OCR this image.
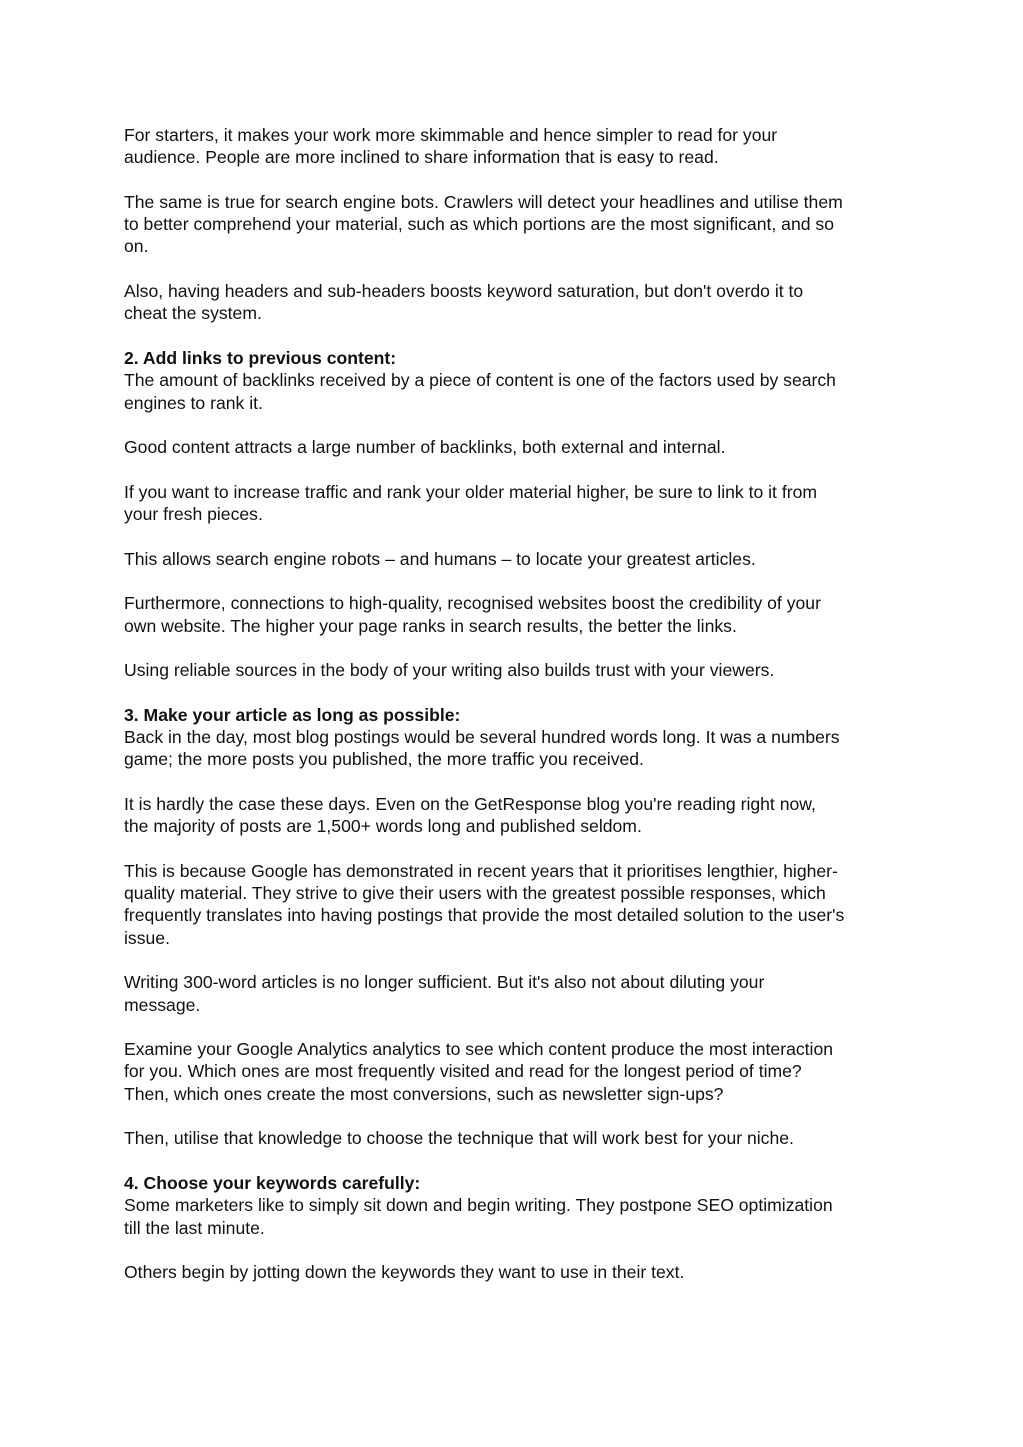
For starters, it makes your work more skimmable and hence simpler to read for your
audience. People are more inclined to share information that is easy to read.

The same is true for search engine bots. Crawlers will detect your headlines and utilise them
to better comprehend your material, such as which portions are the most significant, and so
on.

Also, having headers and sub-headers boosts keyword saturation, but don't overdo it to
cheat the system.

2. Add links to previous content:

The amount of backlinks received by a piece of content is one of the factors used by search
engines to rank it.

Good content attracts a large number of backlinks, both external and internal.

If you want to increase traffic and rank your older material higher, be sure to link to it from
your fresh pieces.

This allows search engine robots – and humans – to locate your greatest articles.

Furthermore, connections to high-quality, recognised websites boost the credibility of your
own website. The higher your page ranks in search results, the better the links.

Using reliable sources in the body of your writing also builds trust with your viewers.

3. Make your article as long as possible:

Back in the day, most blog postings would be several hundred words long. It was a numbers
game; the more posts you published, the more traffic you received.

It is hardly the case these days. Even on the GetResponse blog you're reading right now,
the majority of posts are 1,500+ words long and published seldom.

This is because Google has demonstrated in recent years that it prioritises lengthier, higher-
quality material. They strive to give their users with the greatest possible responses, which
frequently translates into having postings that provide the most detailed solution to the user's
issue.

Writing 300-word articles is no longer sufficient. But it's also not about diluting your
message.

Examine your Google Analytics analytics to see which content produce the most interaction
for you. Which ones are most frequently visited and read for the longest period of time?
Then, which ones create the most conversions, such as newsletter sign-ups?

Then, utilise that knowledge to choose the technique that will work best for your niche.

4. Choose your keywords carefully:

Some marketers like to simply sit down and begin writing. They postpone SEO optimization
till the last minute.

Others begin by jotting down the keywords they want to use in their text.
